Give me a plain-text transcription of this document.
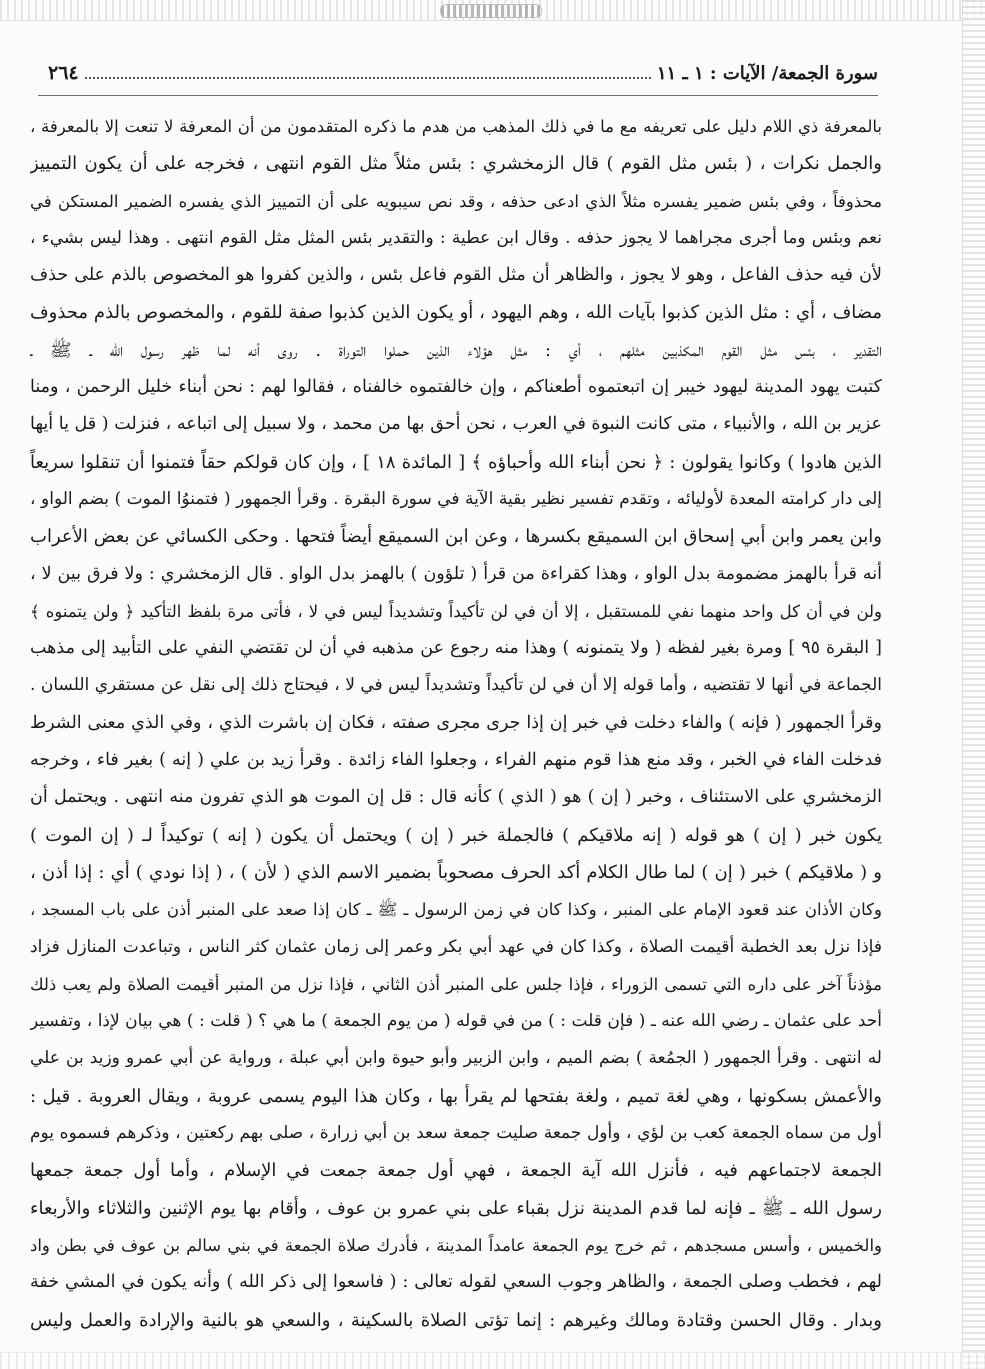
سورة الجمعة/ الآيات : ١ ـ ١١
٢٦٤
بالمعرفة ذي اللام دليل على تعريفه مع ما في ذلك المذهب من هدم ما ذكره المتقدمون من أن المعرفة لا تنعت إلا بالمعرفة ،
والجمل نكرات ، ( بئس مثل القوم ) قال الزمخشري : بئس مثلاً مثل القوم انتهى ، فخرجه على أن يكون التمييز
محذوفاً ، وفي بئس ضمير يفسره مثلاً الذي ادعى حذفه ، وقد نص سيبويه على أن التمييز الذي يفسره الضمير المستكن في
نعم وبئس وما أجرى مجراهما لا يجوز حذفه . وقال ابن عطية : والتقدير بئس المثل مثل القوم انتهى . وهذا ليس بشيء ،
لأن فيه حذف الفاعل ، وهو لا يجوز ، والظاهر أن مثل القوم فاعل بئس ، والذين كفروا هو المخصوص بالذم على حذف
مضاف ، أي : مثل الذين كذبوا بآيات الله ، وهم اليهود ، أو يكون الذين كذبوا صفة للقوم ، والمخصوص بالذم محذوف
التقدير ، بئس مثل القوم المكذبين مثلهم ، أي : مثل هؤلاء الذين حملوا التوراة . روى أنه لما ظهر رسول الله ـ ﷺ ـ
كتبت يهود المدينة ليهود خيبر إن اتبعتموه أطعناكم ، وإن خالفتموه خالفناه ، فقالوا لهم : نحن أبناء خليل الرحمن ، ومنا
عزير بن الله ، والأنبياء ، متى كانت النبوة في العرب ، نحن أحق بها من محمد ، ولا سبيل إلى اتباعه ، فنزلت ( قل يا أيها
الذين هادوا ) وكانوا يقولون : ﴿ نحن أبناء الله وأحباؤه ﴾ [ المائدة ١٨ ] ، وإن كان قولكم حقاً فتمنوا أن تنقلوا سريعاً
إلى دار كرامته المعدة لأوليائه ، وتقدم تفسير نظير بقية الآية في سورة البقرة . وقرأ الجمهور ( فتمنوُا الموت ) بضم الواو ،
وابن يعمر وابن أبي إسحاق ابن السميقع بكسرها ، وعن ابن السميقع أيضاً فتحها . وحكى الكسائي عن بعض الأعراب
أنه قرأ بالهمز مضمومة بدل الواو ، وهذا كقراءة من قرأ ( تلؤون ) بالهمز بدل الواو . قال الزمخشري : ولا فرق بين لا ،
ولن في أن كل واحد منهما نفي للمستقبل ، إلا أن في لن تأكيداً وتشديداً ليس في لا ، فأتى مرة بلفظ التأكيد ﴿ ولن يتمنوه ﴾
[ البقرة ٩٥ ] ومرة بغير لفظه ( ولا يتمنونه ) وهذا منه رجوع عن مذهبه في أن لن تقتضي النفي على التأبيد إلى مذهب
الجماعة في أنها لا تقتضيه ، وأما قوله إلا أن في لن تأكيداً وتشديداً ليس في لا ، فيحتاج ذلك إلى نقل عن مستقري اللسان .
وقرأ الجمهور ( فإنه ) والفاء دخلت في خبر إن إذا جرى مجرى صفته ، فكان إن باشرت الذي ، وفي الذي معنى الشرط
فدخلت الفاء في الخبر ، وقد منع هذا قوم منهم الفراء ، وجعلوا الفاء زائدة . وقرأ زيد بن علي ( إنه ) بغير فاء ، وخرجه
الزمخشري على الاستئناف ، وخبر ( إن ) هو ( الذي ) كأنه قال : قل إن الموت هو الذي تفرون منه انتهى . ويحتمل أن
يكون خبر ( إن ) هو قوله ( إنه ملاقيكم ) فالجملة خبر ( إن ) ويحتمل أن يكون ( إنه ) توكيداً لـ ( إن الموت )
و ( ملاقيكم ) خبر ( إن ) لما طال الكلام أكد الحرف مصحوباً بضمير الاسم الذي ( لأن ) ، ( إذا نودي ) أي : إذا أذن ،
وكان الأذان عند قعود الإمام على المنبر ، وكذا كان في زمن الرسول ـ ﷺ ـ كان إذا صعد على المنبر أذن على باب المسجد ،
فإذا نزل بعد الخطبة أقيمت الصلاة ، وكذا كان في عهد أبي بكر وعمر إلى زمان عثمان كثر الناس ، وتباعدت المنازل فزاد
مؤذناً آخر على داره التي تسمى الزوراء ، فإذا جلس على المنبر أذن الثاني ، فإذا نزل من المنبر أقيمت الصلاة ولم يعب ذلك
أحد على عثمان ـ رضي الله عنه ـ ( فإن قلت : ) من في قوله ( من يوم الجمعة ) ما هي ؟ ( قلت : ) هي بيان لإذا ، وتفسير
له انتهى . وقرأ الجمهور ( الجمُعة ) بضم الميم ، وابن الزبير وأبو حيوة وابن أبي عبلة ، ورواية عن أبي عمرو وزيد بن علي
والأعمش بسكونها ، وهي لغة تميم ، ولغة بفتحها لم يقرأ بها ، وكان هذا اليوم يسمى عروبة ، ويقال العروبة . قيل :
أول من سماه الجمعة كعب بن لؤي ، وأول جمعة صليت جمعة سعد بن أبي زرارة ، صلى بهم ركعتين ، وذكرهم فسموه يوم
الجمعة لاجتماعهم فيه ، فأنزل الله آية الجمعة ، فهي أول جمعة جمعت في الإسلام ، وأما أول جمعة جمعها
رسول الله ـ ﷺ ـ فإنه لما قدم المدينة نزل بقباء على بني عمرو بن عوف ، وأقام بها يوم الإثنين والثلاثاء والأربعاء
والخميس ، وأسس مسجدهم ، ثم خرج يوم الجمعة عامداً المدينة ، فأدرك صلاة الجمعة في بني سالم بن عوف في بطن واد
لهم ، فخطب وصلى الجمعة ، والظاهر وجوب السعي لقوله تعالى : ( فاسعوا إلى ذكر الله ) وأنه يكون في المشي خفة
وبدار . وقال الحسن وقتادة ومالك وغيرهم : إنما تؤتى الصلاة بالسكينة ، والسعي هو بالنية والإرادة والعمل وليس
